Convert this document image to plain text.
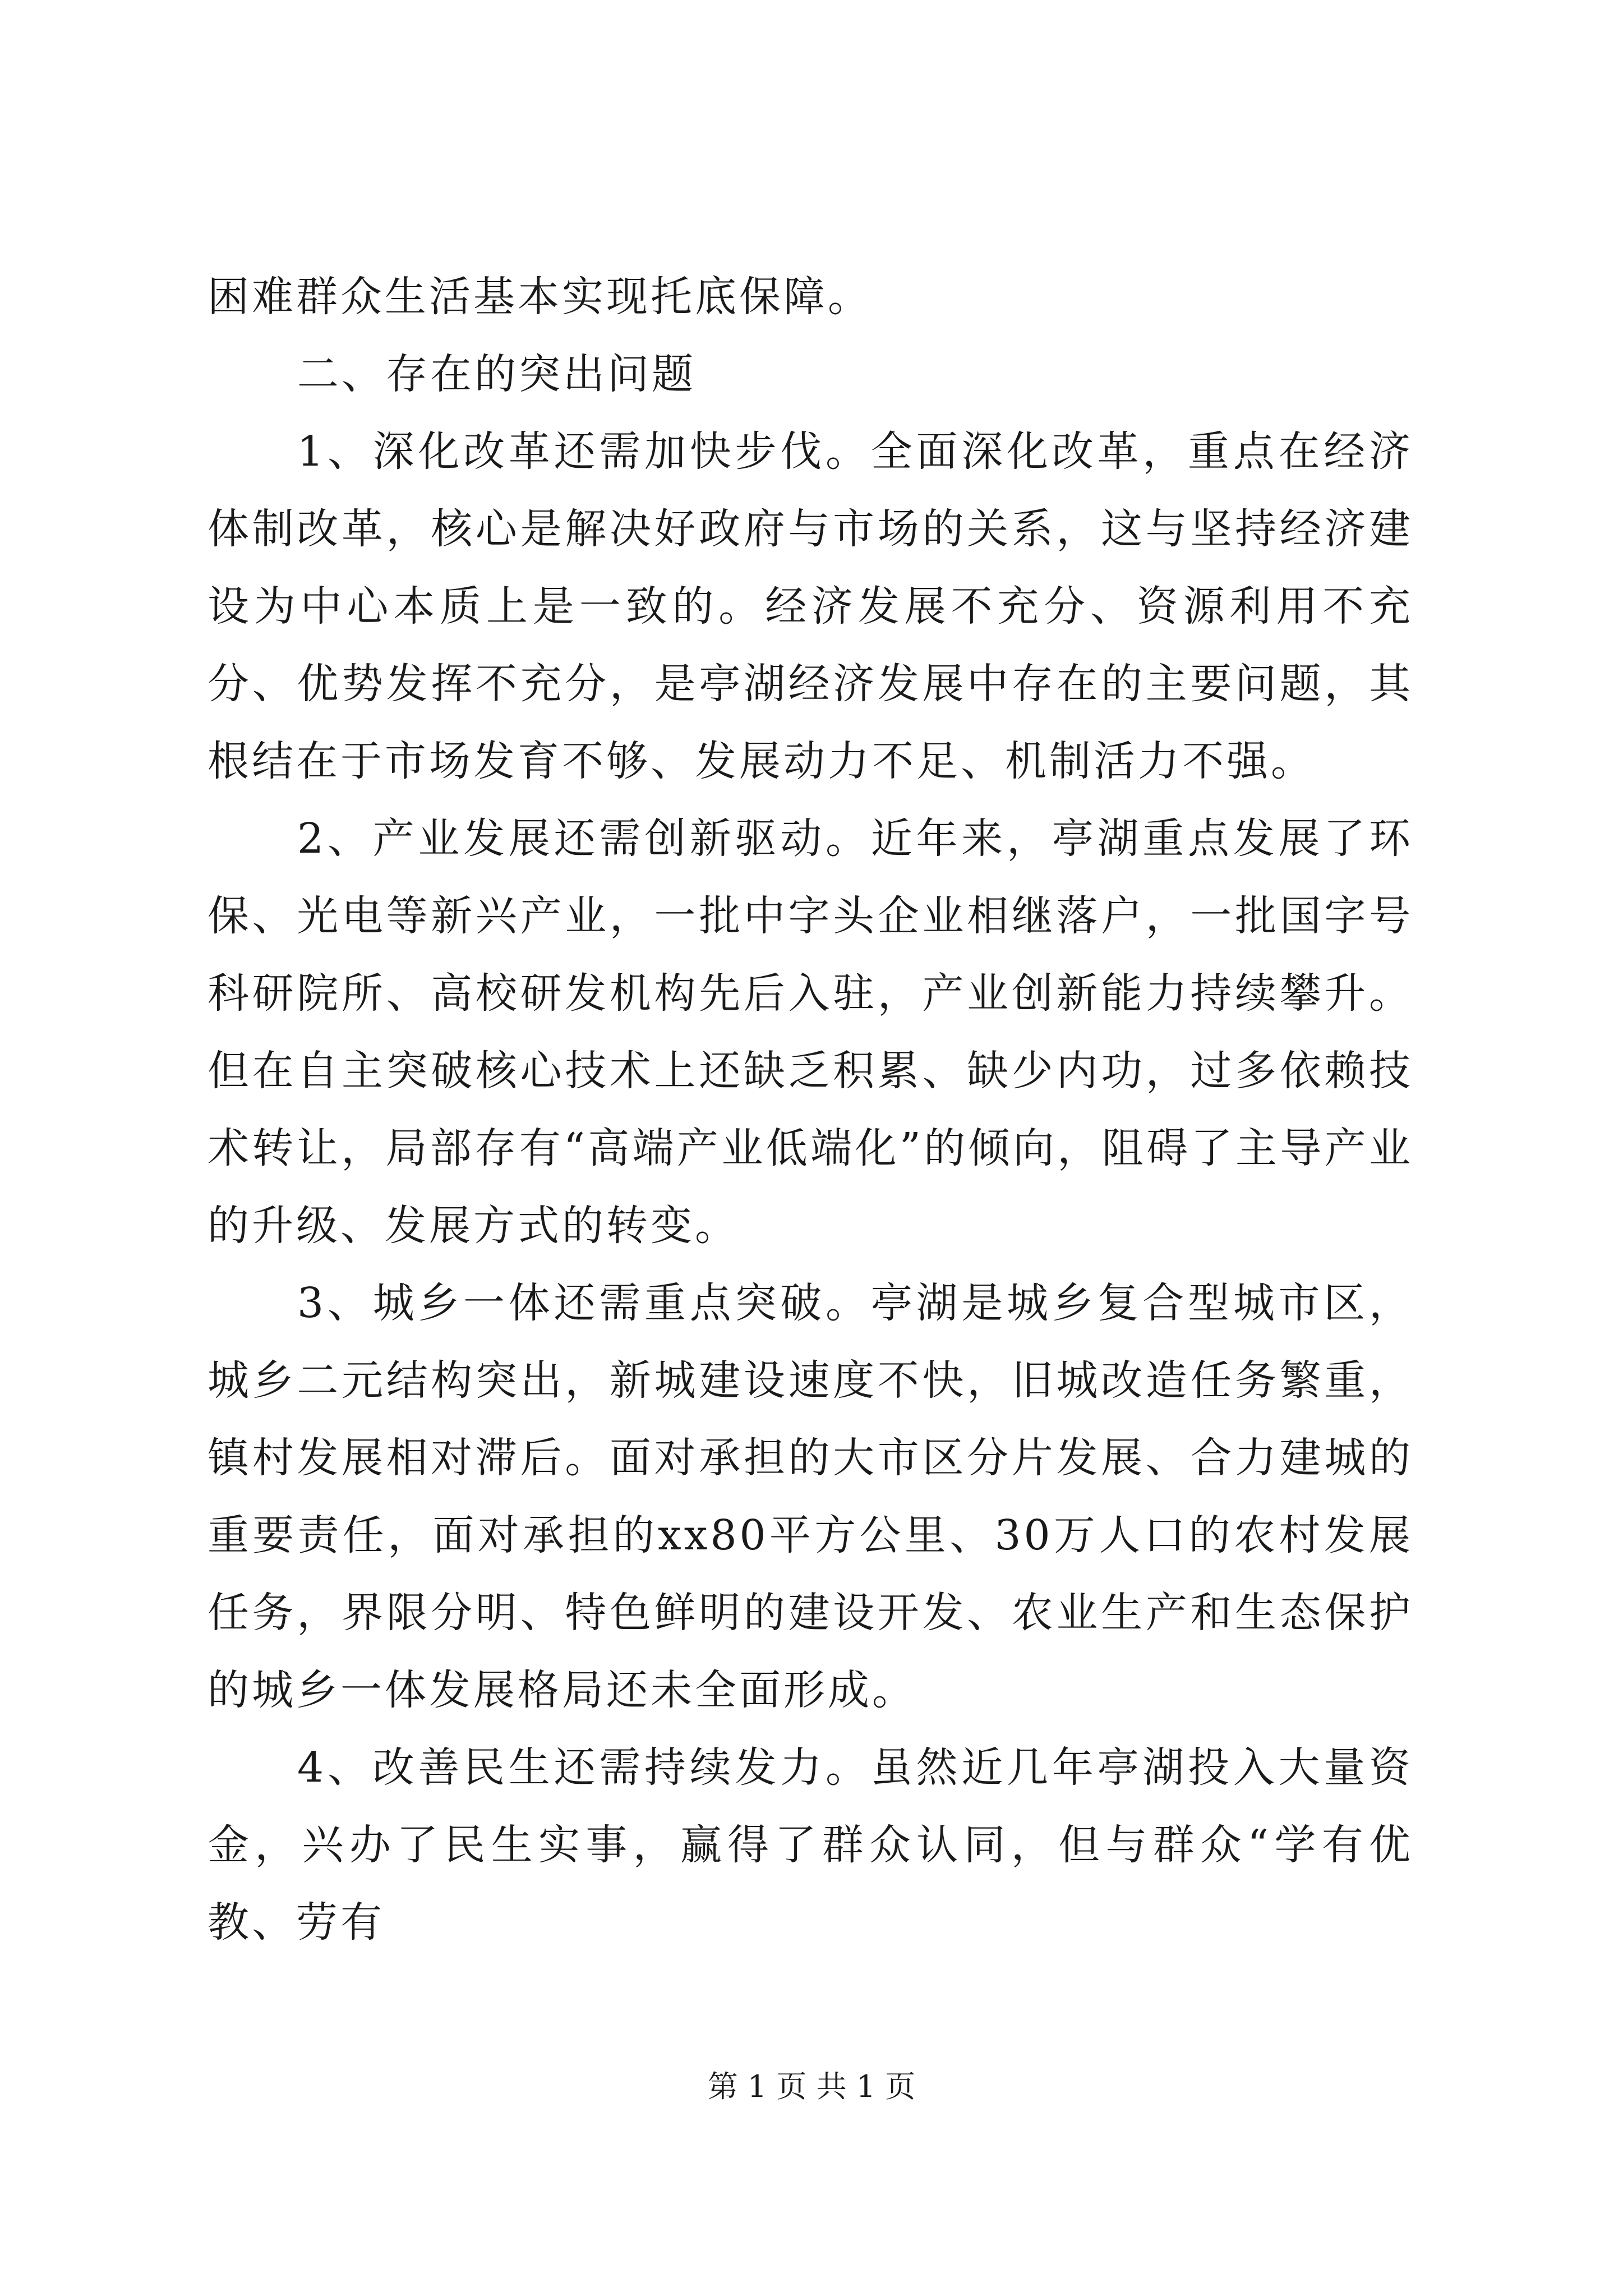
困难群众生活基本实现托底保障。

二、存在的突出问题

1、深化改革还需加快步伐。全面深化改革，重点在经济体制改革，核心是解决好政府与市场的关系，这与坚持经济建设为中心本质上是一致的。经济发展不充分、资源利用不充分、优势发挥不充分，是亭湖经济发展中存在的主要问题，其根结在于市场发育不够、发展动力不足、机制活力不强。

2、产业发展还需创新驱动。近年来，亭湖重点发展了环保、光电等新兴产业，一批中字头企业相继落户，一批国字号科研院所、高校研发机构先后入驻，产业创新能力持续攀升。但在自主突破核心技术上还缺乏积累、缺少内功，过多依赖技术转让，局部存有“高端产业低端化”的倾向，阻碍了主导产业的升级、发展方式的转变。

3、城乡一体还需重点突破。亭湖是城乡复合型城市区，城乡二元结构突出，新城建设速度不快，旧城改造任务繁重，镇村发展相对滞后。面对承担的大市区分片发展、合力建城的重要责任，面对承担的xx80平方公里、30万人口的农村发展任务，界限分明、特色鲜明的建设开发、农业生产和生态保护的城乡一体发展格局还未全面形成。

4、改善民生还需持续发力。虽然近几年亭湖投入大量资金，兴办了民生实事，赢得了群众认同，但与群众“学有优教、劳有

第 1 页 共 1 页
